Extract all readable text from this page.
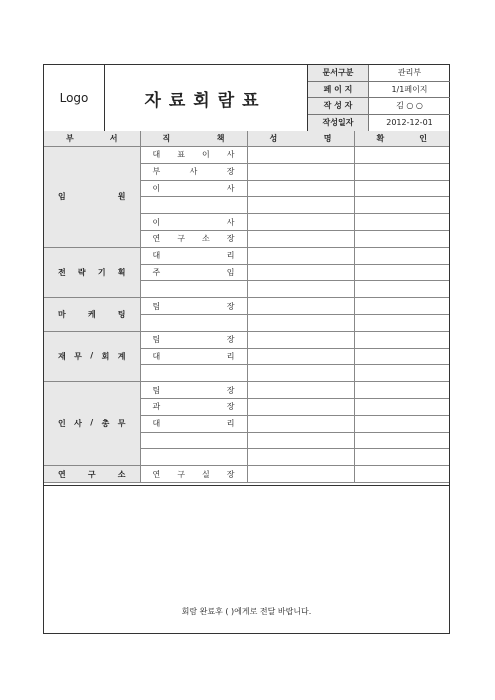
Logo	자료회람표
문서구분	관리부
페 이 지	1/1페이지
작 성 자	김 ○ ○
작성일자	2012-12-01
부 서	직 책	성 명	확 인

임 원	대 표 이 사		

	부 사 장		

	이 사		

	이 사		

	연 구 소 장		

전 략 기 획	대 리		

	주 임		

마 케 팅	팀 장		

재 무 / 회 계	팀 장		

	대 리		

인 사 / 총 무	팀 장		

	과 장		

	대 리		

연 구 소	연 구 실 장		

회람 완료후 ( )에게로 전달 바랍니다.
